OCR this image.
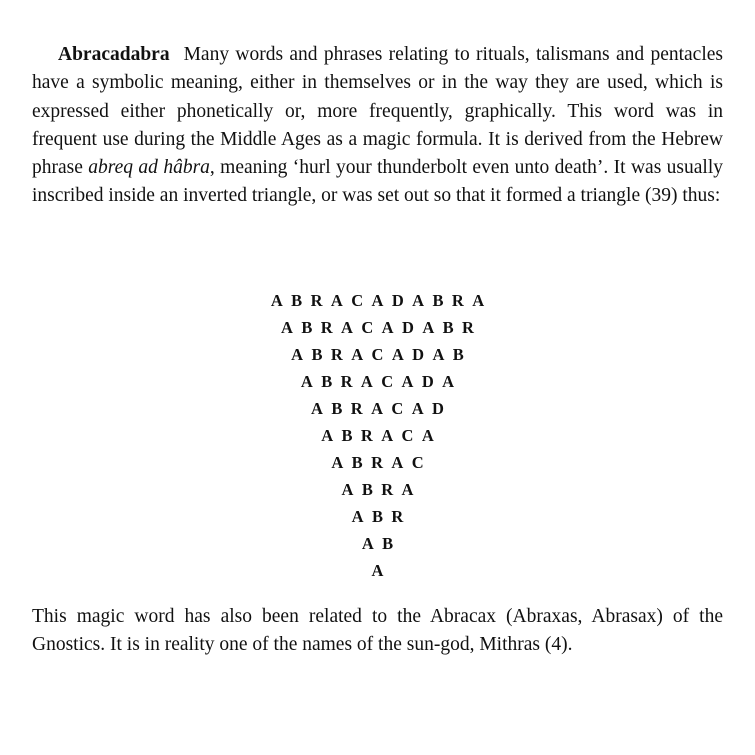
Abracadabra Many words and phrases relating to rituals, talismans and pentacles have a symbolic meaning, either in themselves or in the way they are used, which is expressed either phonetically or, more frequently, graphically. This word was in frequent use during the Middle Ages as a magic formula. It is derived from the Hebrew phrase abreq ad hâbra, meaning ‘hurl your thunderbolt even unto death’. It was usually inscribed inside an inverted triangle, or was set out so that it formed a triangle (39) thus:

ABRACADABRA
ABRACADABR
ABRACADAB
ABRACADA
ABRACAD
ABRACA
ABRAC
ABRA
ABR
AB
A

This magic word has also been related to the Abracax (Abraxas, Abrasax) of the Gnostics. It is in reality one of the names of the sun-god, Mithras (4).
